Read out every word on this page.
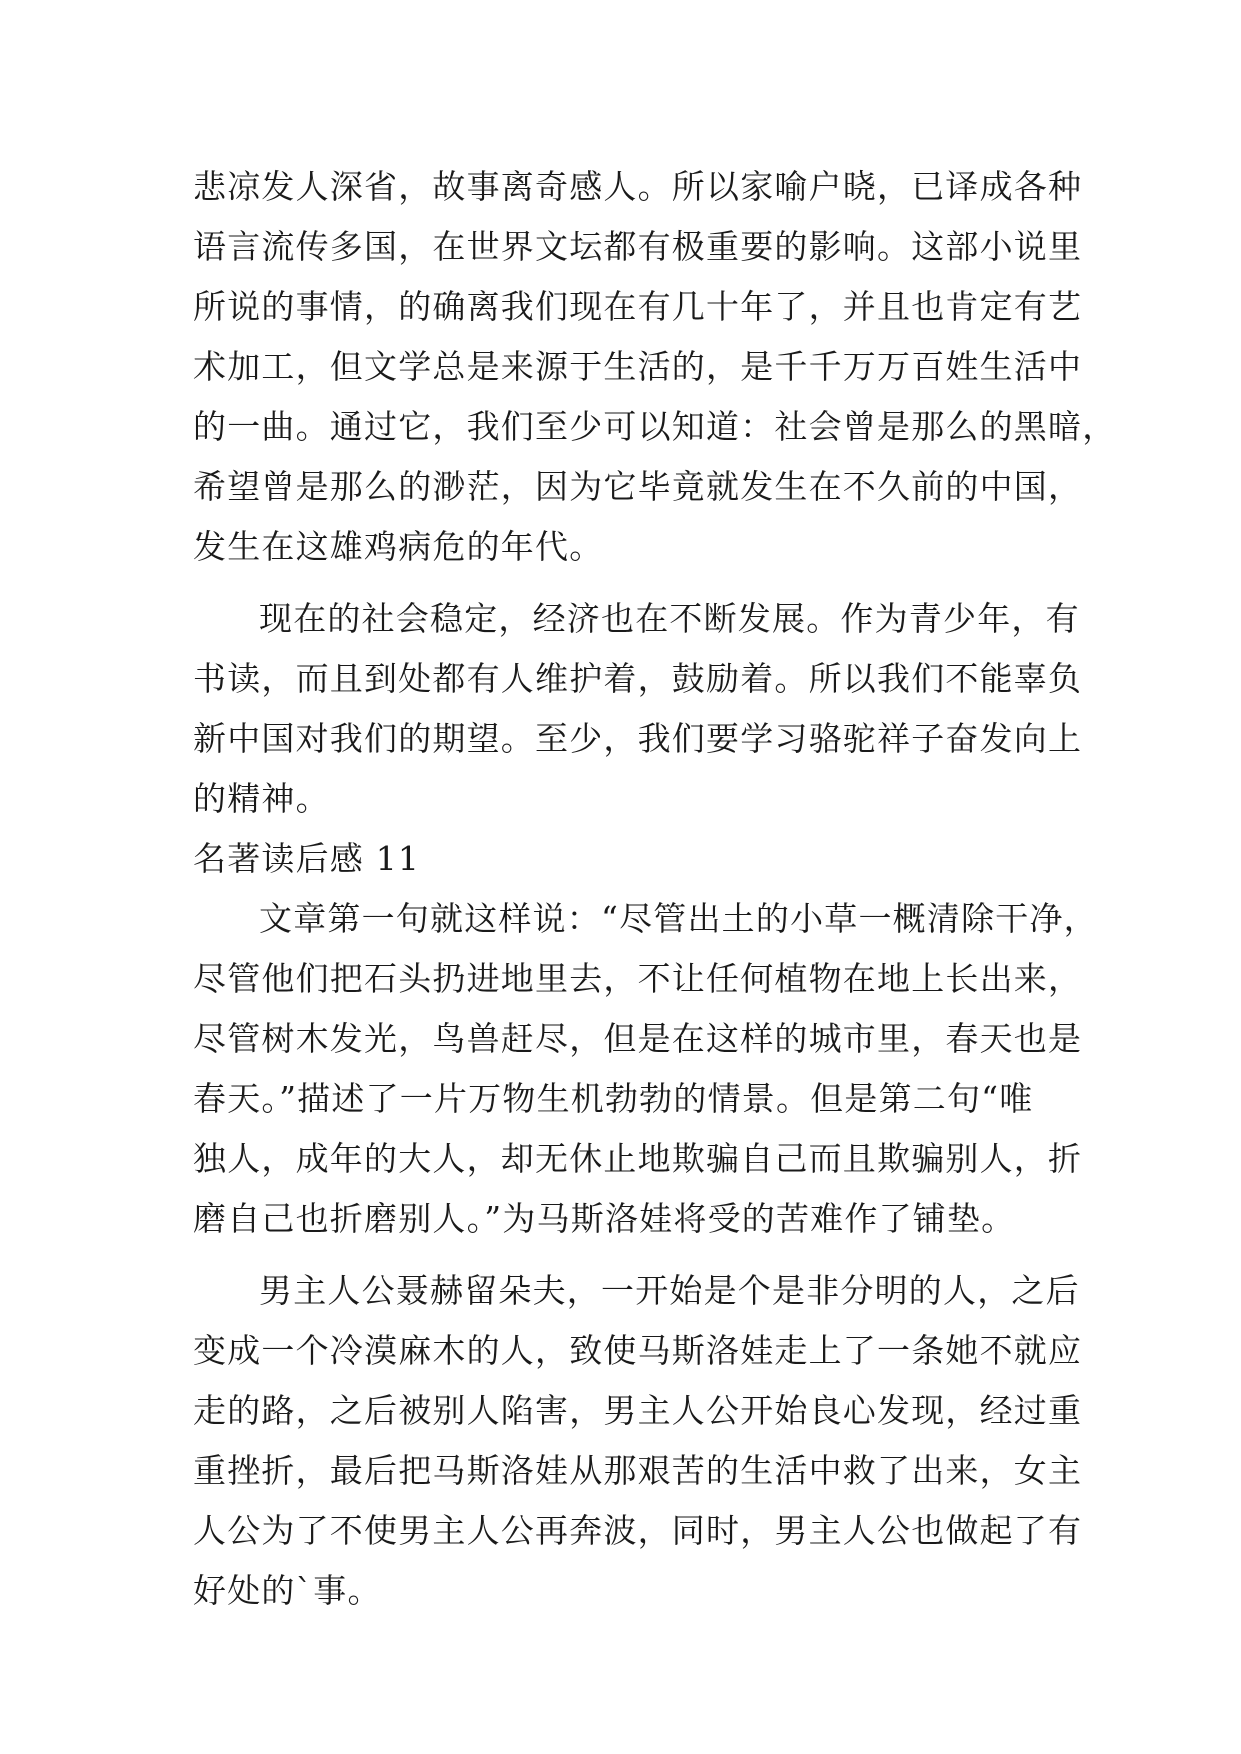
悲凉发人深省，故事离奇感人。所以家喻户晓，已译成各种
语言流传多国，在世界文坛都有极重要的影响。这部小说里
所说的事情，的确离我们现在有几十年了，并且也肯定有艺
术加工，但文学总是来源于生活的，是千千万万百姓生活中
的一曲。通过它，我们至少可以知道：社会曾是那么的黑暗，
希望曾是那么的渺茫，因为它毕竟就发生在不久前的中国，
发生在这雄鸡病危的年代。
现在的社会稳定，经济也在不断发展。作为青少年，有
书读，而且到处都有人维护着，鼓励着。所以我们不能辜负
新中国对我们的期望。至少，我们要学习骆驼祥子奋发向上
的精神。
名著读后感 11
文章第一句就这样说：“尽管出土的小草一概清除干净，
尽管他们把石头扔进地里去，不让任何植物在地上长出来，
尽管树木发光，鸟兽赶尽，但是在这样的城市里，春天也是
春天。”描述了一片万物生机勃勃的情景。但是第二句“唯
独人，成年的大人，却无休止地欺骗自己而且欺骗别人，折
磨自己也折磨别人。”为马斯洛娃将受的苦难作了铺垫。
男主人公聂赫留朵夫，一开始是个是非分明的人，之后
变成一个冷漠麻木的人，致使马斯洛娃走上了一条她不就应
走的路，之后被别人陷害，男主人公开始良心发现，经过重
重挫折，最后把马斯洛娃从那艰苦的生活中救了出来，女主
人公为了不使男主人公再奔波，同时，男主人公也做起了有
好处的`事。
